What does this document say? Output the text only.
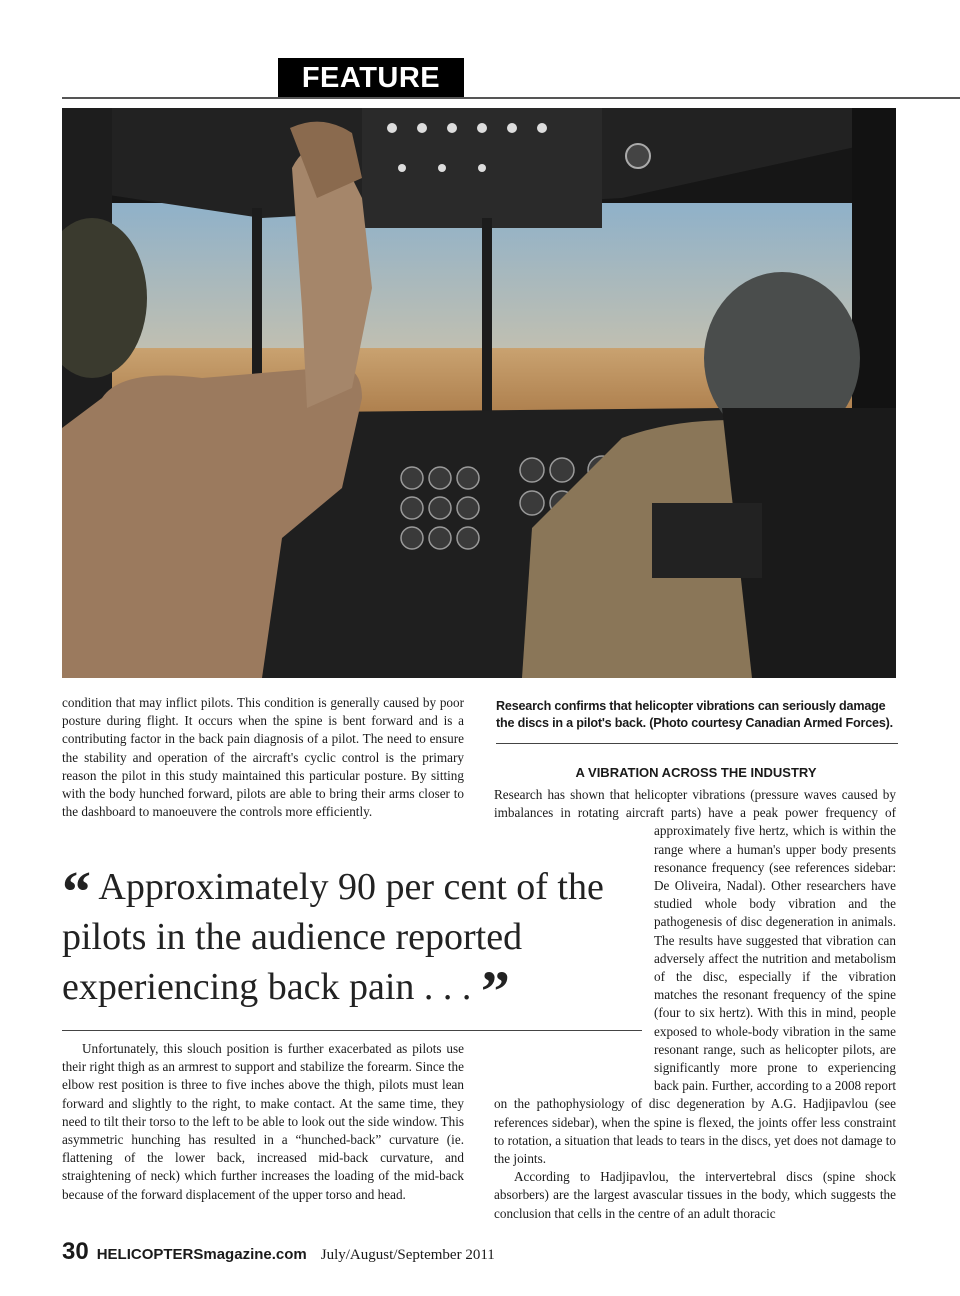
FEATURE
condition that may inflict pilots. This condition is generally caused by poor posture during flight. It occurs when the spine is bent forward and is a contributing factor in the back pain diagnosis of a pilot. The need to ensure the stability and operation of the aircraft's cyclic control is the primary reason the pilot in this study maintained this particular posture. By sitting with the body hunched forward, pilots are able to bring their arms closer to the dashboard to manoeuvere the controls more efficiently.
Research confirms that helicopter vibrations can seriously damage the discs in a pilot's back. (Photo courtesy Canadian Armed Forces).
A VIBRATION ACROSS THE INDUSTRY

Research has shown that helicopter vibrations (pressure waves caused by imbalances in rotating aircraft parts) have a peak power frequency of approximately five hertz, which is within the range where a human's upper body presents resonance frequency (see references sidebar: De Oliveira, Nadal). Other researchers have studied whole body vibration and the pathogenesis of disc degeneration in animals. The results have suggested that vibration can adversely affect the nutrition and metabolism of the disc, especially if the vibration matches the resonant frequency of the spine (four to six hertz). With this in mind, people exposed to whole-body vibration in the same resonant range, such as helicopter pilots, are significantly more prone to experiencing back pain. Further, according to a 2008 report on the pathophysiology of disc degeneration by A.G. Hadjipavlou (see references sidebar), when the spine is flexed, the joints offer less constraint to rotation, a situation that leads to tears in the discs, yet does not damage to the joints.

According to Hadjipavlou, the intervertebral discs (spine shock absorbers) are the largest avascular tissues in the body, which suggests the conclusion that cells in the centre of an adult thoracic

“ Approximately 90 per cent of the pilots in the audience reported experiencing back pain . . . ”

Unfortunately, this slouch position is further exacerbated as pilots use their right thigh as an armrest to support and stabilize the forearm. Since the elbow rest position is three to five inches above the thigh, pilots must lean forward and slightly to the right, to make contact. At the same time, they need to tilt their torso to the left to be able to look out the side window. This asymmetric hunching has resulted in a “hunched-back” curvature (ie. flattening of the lower back, increased mid-back curvature, and straightening of neck) which further increases the loading of the mid-back because of the forward displacement of the upper torso and head.

30 HELICOPTERSmagazine.com July/August/September 2011
